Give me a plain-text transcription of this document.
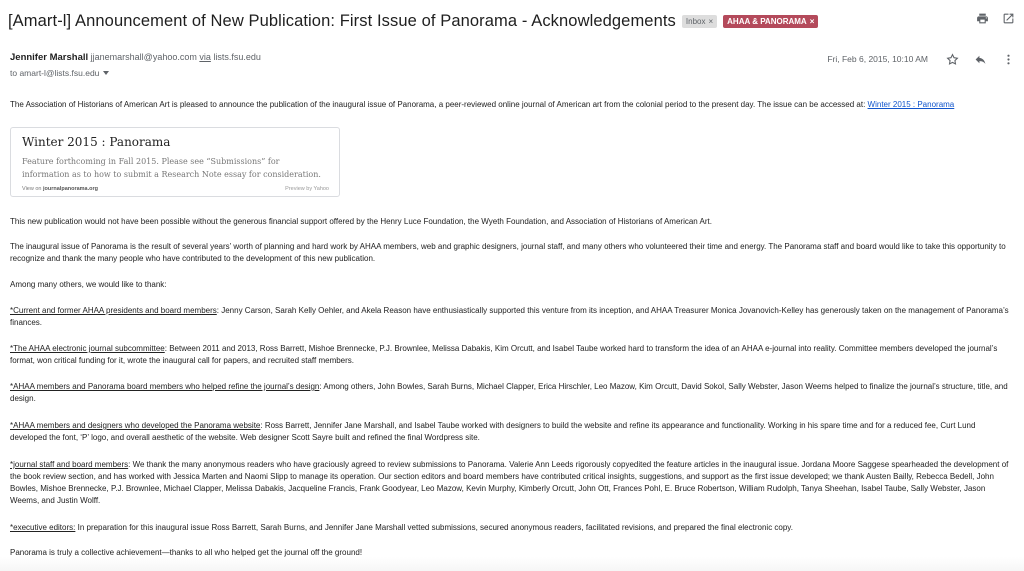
[Amart-l] Announcement of New Publication: First Issue of Panorama - Acknowledgements Inbox × AHAA & PANORAMA ×
Jennifer Marshall jjanemarshall@yahoo.com via lists.fsu.edu
to amart-l@lists.fsu.edu
Fri, Feb 6, 2015, 10:10 AM
The Association of Historians of American Art is pleased to announce the publication of the inaugural issue of Panorama, a peer-reviewed online journal of American art from the colonial period to the present day. The issue can be accessed at: Winter 2015 : Panorama
Winter 2015 : Panorama
Feature forthcoming in Fall 2015. Please see “Submissions” for information as to how to submit a Research Note essay for consideration.
View on journalpanorama.org	Preview by Yahoo
This new publication would not have been possible without the generous financial support offered by the Henry Luce Foundation, the Wyeth Foundation, and Association of Historians of American Art.
The inaugural issue of Panorama is the result of several years’ worth of planning and hard work by AHAA members, web and graphic designers, journal staff, and many others who volunteered their time and energy. The Panorama staff and board would like to take this opportunity to recognize and thank the many people who have contributed to the development of this new publication.
Among many others, we would like to thank:
*Current and former AHAA presidents and board members: Jenny Carson, Sarah Kelly Oehler, and Akela Reason have enthusiastically supported this venture from its inception, and AHAA Treasurer Monica Jovanovich-Kelley has generously taken on the management of Panorama’s finances.
*The AHAA electronic journal subcommittee: Between 2011 and 2013, Ross Barrett, Mishoe Brennecke, P.J. Brownlee, Melissa Dabakis, Kim Orcutt, and Isabel Taube worked hard to transform the idea of an AHAA e-journal into reality. Committee members developed the journal’s format, won critical funding for it, wrote the inaugural call for papers, and recruited staff members.
*AHAA members and Panorama board members who helped refine the journal’s design: Among others, John Bowles, Sarah Burns, Michael Clapper, Erica Hirschler, Leo Mazow, Kim Orcutt, David Sokol, Sally Webster, Jason Weems helped to finalize the journal’s structure, title, and design.
*AHAA members and designers who developed the Panorama website: Ross Barrett, Jennifer Jane Marshall, and Isabel Taube worked with designers to build the website and refine its appearance and functionality. Working in his spare time and for a reduced fee, Curt Lund developed the font, ‘P’ logo, and overall aesthetic of the website. Web designer Scott Sayre built and refined the final Wordpress site.
*journal staff and board members: We thank the many anonymous readers who have graciously agreed to review submissions to Panorama. Valerie Ann Leeds rigorously copyedited the feature articles in the inaugural issue. Jordana Moore Saggese spearheaded the development of the book review section, and has worked with Jessica Marten and Naomi Slipp to manage its operation. Our section editors and board members have contributed critical insights, suggestions, and support as the first issue developed; we thank Austen Bailly, Rebecca Bedell, John Bowles, Mishoe Brennecke, P.J. Brownlee, Michael Clapper, Melissa Dabakis, Jacqueline Francis, Frank Goodyear, Leo Mazow, Kevin Murphy, Kimberly Orcutt, John Ott, Frances Pohl, E. Bruce Robertson, William Rudolph, Tanya Sheehan, Isabel Taube, Sally Webster, Jason Weems, and Justin Wolff.
*executive editors: In preparation for this inaugural issue Ross Barrett, Sarah Burns, and Jennifer Jane Marshall vetted submissions, secured anonymous readers, facilitated revisions, and prepared the final electronic copy.
Panorama is truly a collective achievement—thanks to all who helped get the journal off the ground!
